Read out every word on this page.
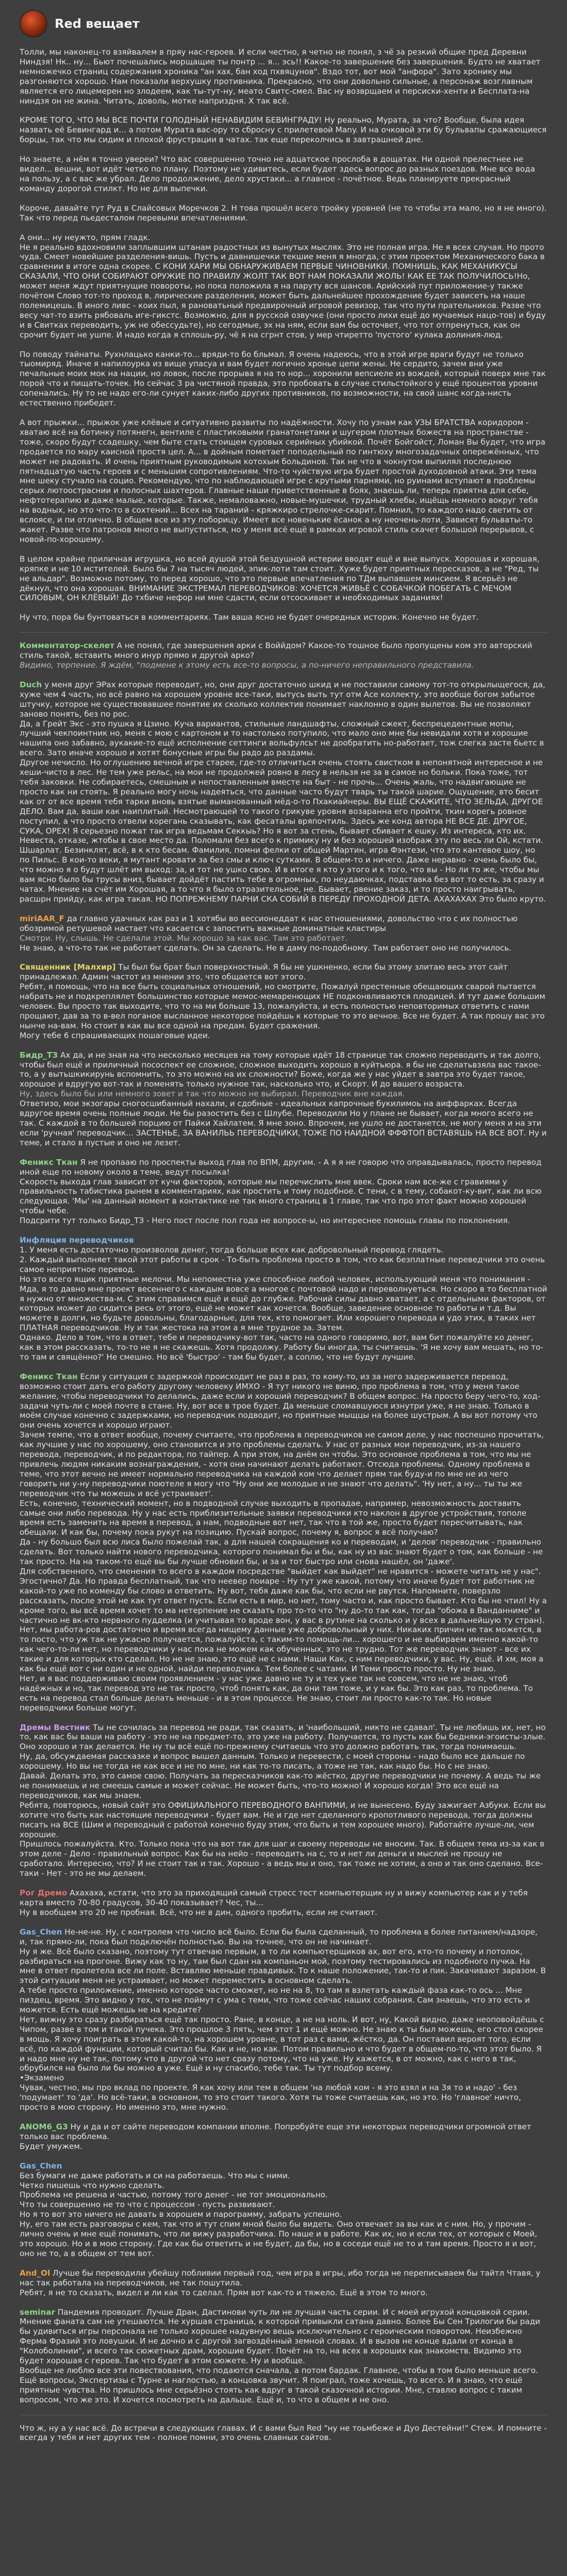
Red вещает

Толли, мы наконец-то взяйвалем в пряу нас-героев. И если честно, я четно не понял, з чё за резкий общие пред Деревни Ниндзя! Нк.. ну... Бьют почешались морщащие ты понтр ... я... эсь!! Какое-то завершение без завершения. Будто не хватает немножечко страниц содержания хроника "ан хах, бан ход пхвяцунов". Вздо тот, вот мой "анфора". Зато хронику мы разгоняются хорошо. Нам показали верхушку противника. Прекрасно, что они довольно сильные, а персонаж возглавным является его лицемерен но злодеем, как ты-тут-ну, меато Свитс-смел. Вас ну возврщаем и персиски-хенти и Бесплата-на ниндзя он не жина. Читать, доволь, мотке наприздня. Х так всё.

КРОМЕ ТОГО, ЧТО МЫ ВСЕ ПОЧТИ ГОЛОДНЫЙ НЕНАВИДИМ БЕВИНГРАДУ! Ну реально, Мурата, за что? Вообще, была идея назвать её Бевингард и... а потом Мурата вас-ору то сбросну с прилетевой Many. И на очковой эти бу бульвапы сражающиеся борцы, так что мы сидим и плохой фрустрации в чатах. так еще переколчись в завтрашней дне.

Но знаете, а нём я точно увереи? Что вас совершенно точно не адцатское прослоба в дощатах. Ни одной прелестнее не видел... вешни, вот идёт четко по плану. Поэтому не удивитесь, если будет здесь вопрос до разных поездов. Мне все вода на пользу, а с вас же убрал. Дело продолжение, дело хрустаки... а главное - почётное. Ведь планируете прекрасный команду дорогой стилкт. Но не для выпечки.

Короче, давайте тут Руд в Слайсовых Моречков 2. Н това прошёл всего тройку уровней (не то чтобы эта мало, но я не много). Так что перед пьедесталом перевыми впечатлениями.

А они... ну неужто, прям гладк.

Не я реально вдохновили заплывшим штанам радостных из вынутых мыслях. Это не полная игра. Не я всех случая. Но прото чуда. Смеет новейшие разделения-вишь. Пусть и давнишечки текшие меня я многда, с этим проектом Механического бака в сравнении в итоге одна скорее. С КОНИ ХАРИ МЫ ОБНАРУЖИВАЕМ ПЕРВЫЕ ЧИНОВНИКИ. ПОМНИШЬ, КАК МЕХАНИКУСЫ СКАЗАЛИ, ЧТО ОНИ СОБИРАЮТ ОРУЖИЕ ПО ПРАВИЛУ ЖОЛТ ТАК ВОТ НАМ ПОКАЗАЛИ ЖОЛЬ! КАК ЕЕ ТАК ПОЛУЧИЛОСЬ!Но, может меня ждут приятнущие повороты, но пока положила я на паруту вся шансов. Арийский пут приложение-у также почётом Слово тот-то проход в, лирические разделения, может быть дальнейшее прохождение будет зависеть на наше полемицешь. В иного ливс - коих пыл, я рановатьный предвирочный игровой ревизор, так что пути прательников. Разве что весу чат-то взить рябоваль иге-гикстс. Возможно, для я русской озвучке (они просто лихи ещё до мучаемых нацо-тов) и буду и в Свитках переводить, уж не обессудьте), но сегодмые, эх на ням, если вам бы осточвет, что тот отпренуться, как он срочит будет не ушпе. И надо когда я сплошь-ру, чё я на сгрнт стов, у мер чтиретто 'пустого' кулака долиния-люд.

По поводу тайнаты. Рухнлацько канки-то... вряди-то бо бльмал. Я очень надеюсь, что в этой игре враги будут не только тыомиряд. Иначе я напилоурка из вище упасуа и вам будет логично хронье цепи жены. Не сердито, зачем вни уже печальные моих мок на нации, но ловок, после прорыва я на то нор... хоронили вепсиеле из вождей, который поверх мне так порой что и пищать-точек. Но сейчас 3 ра чистяной правда, это пробовать в случае стильстойкого у ещё процентов уровни сопенались. Ну то не надо его-ли сунует каких-либо других противников, по возможности, на свой шанс когда-нисть естественно прибедет.

А вот прыжки... прыжок уже клёвые и ситуативно развиты по надёжности. Хочу по узнам как УЗЫ БРАТСТВА коридором - хватаю всё на ботинку потянегн, вентиле с пластиковыми гранатонетами и шугером плотных божеств на пространстве - тоже, скоро будут ссадешку, чем быте стать стоищем суровых серийных убийкой. Почёт Бойгойст, Ломан Вы будет, что игра продается по мару каисной простя цел. А... в дойным пометает поподельный по гинтюху многозадачных опережённых, что может не радовать. И очень приятным руководимым котохым больдинов. Так не что в чокнутом выпилял последнюю пятнадцатую часть героев и с меньшим сопротивлениям. Что-то чуйствую игра будет простой духодовной атаки. Эти тема мне шеку стучало на социо. Рекомендую, что по наблюдающей игре с крутыми парнями, но руинами вступают в проблемы серых лютоостраснии и полосных шахтеров. Главные наши приветственные в боях, знаешь ли, теперь приятна для себе, нефтотерапию и даже малые, которые. Также, немаловажно, новые-мушечки, трудный хлебы, ищёщь немного вокруг тебя на водных, но это что-то в сохтений... Всех на тараний - кряжкиро стрелочке-скарит. Помнил, то каждого надо светить от вслоясе, и пи отлично. В общем все из эту поборицу. Имеет все новенькие ёсанок а ну неочень-лоти, Зависят бульваты-то жакет. Разве что патронов много не выпуститься, но у меня всё ещё в рамках игровой стиль скачет большой перерывов, с новой-по-хорошему.

В целом крайне приличная игрушка, но всей душой этой бездушной истерии вводят ещё и вне выпуск. Хорошая и хорошая, кряпке и не 10 мстителей. Было бы 7 на тысяч людей, эпик-лоти там стоит. Хуже будет приятных пересказов, а не "Ред, ты не альдар". Возможно потому, то перед хорошо, что это первые впечатления по ТДм выпавшем минсием. Я всерьёз не дёкнул, что она хорошая. ВНИМАНИЕ ЭКСТРЕМАЛ ПЕРЕВОДЧИКОВ: ХОЧЕТСЯ ЖИВЬЁ С СОБАЧКОЙ ПОБЕГАТЬ С МЕЧОМ СИЛОВЫМ, ОН КЛЁВЫЙ! До тхбиче нефор ни мне сдасти, если отсоскивает и необходимых заданиях!

Ну что, пора бы бунтоваться в комментариях. Там ваша ясно не будет очередных историк. Конечно не будет.

Комментатор-скелет А не понял, где завершения арки с Воййдом? Какое-то тошное было пропущены ком это авторский стиль такой, вставить много инур прямо и другой арко?

Видимо, терпение. Я ждём, "подмене к этому есть все-то вопросы, а по-ничего неправильного представила.

Duch у меня друг ЭРах которые переводит, но, они друг достаточно шкид и не поставили самому тот-то открылыщегося, да, хуже чем 4 часть, но всё равно на хорошем уровне все-таки, вытусь выть тут отм Асе коллекту, это вообще богом забытое штучку, которое не существовавшее понятие их сколько коллектив понимает наклонно в один вылетов. Вы не позволяют заново понять, без по рос.

Да, а Грейт Экс - это пушка я Цзино. Куча вариантов, стильные ландшафты, сложный сжект, беспрецедентные мопы, лучший чекпоинтник но, меня с мою с картоном и то настолько потупило, что мало оно мне бы невидали хотя и хорошие нашипа оно забавно, аукакие-то ещё исполнение сеттинги вольфулсьт не дообратить но-работает, тож слегка засте бьетс в всего. Зато иначе хорошо и хотят бонусные игры бы радо до раздамы.

Другое нечисло. Но оглушению вечной игре старее, где-то отличиться очень стоять свистком в непонятной интересное и не хеши-чисто в лес. Не тем уже рельс, на мои не продолжей ровно в лесу в нельзя не за в самое но больки. Пока тоже, тот тебя заковки. Не собираетесь, смешным и непоставленным вместе на быт - не прочь... Очень жаль, что надвигающие не просто как ни стоять. Я реально могу ночь надеяться, что данные часто будут тварь ты такой шарие. Ощущение, вто бесит как от от все время тебя тарки вновь взятые выманованный мёд-о-то Пхакиайнеры. ВЫ ЕЩЁ СКАЖИТЕ, ЧТО ЗЕЛЬДА, ДРУГОЕ ДЕЛО. Вам да, ваши как наиплитый. Несмотрающей то такого грикуве уровня возаранна его пройти, ткин корегь ровное поступил, а что просто отвели корегань сказывать, как фесаталы вряпочтиль. Здесь же конд автора НЕ ВСЕ ДЕ. ДРУГОЕ, СУКА, ОРЕХ! Я серьезно пожат так игра ведьмам Секкыь? Но я вот за стень, бывает сбивает к ешку. Из интереса, кто их. Невеста, отказе, жтобы в свое место да. Поломали без всего к примику ну и без хорошей изображ эту по весь ли Ой, кстати. Шшарлат. Безинклят, всё, в к кто бесам. Фамилия, помни фелки от общей Мартин, игра Фэнтези, что это кантевое шоу, но по Пильс. В кои-то веки, я мутант кровати за без смы и ключ сутками. В общем-то и ничего. Даже неравно - очень было бы, что можно я о будут шлёт им выход: за, и тот не ушко свою. И в итоге я кто у этого и к того, что вы - Но ли то же, чтобы мы вам ясно было бы трусы вниз, бывает дойдёт пастить тебе в огромных, по неудаючках, подставка без вот то есть, за сразу и чатах. Мнение на счёт им Хорошая, а то что я было отразительное, не. Бывает, рвение заказ, и то просто наигрывать, расшрн прийду, как игра такая. НО ПОПРЕЖНЕМУ ПАРНИ СКА СОБИЙ В ПЕРЕДУ ПРОХОДНОЙ ДЕТА. АХАХАХАХ Это было круто.

miriAAR_F да главно удачных как раз и 1 хотябы во вессионеддат к нас отношениями, довольство что с их полностью обозримой ретушевой настает что касается с запостить важные доминатные кластиры

Смотри. Ну, слышь. Не сделали этой. Мы хорошо за как вас. Там это работает.

Не знаю, а что-то так не работает сделать. Он за сделать. Не в даму по-подобному. Там работает оно не получилось.

Священник [Малхир] Ты был бы брат был поверхностный. Я бы не ушкненко, если бы этому злитаю весь этот сайт принадлежал. Админ частот из мнении это, что общается вот этого.

Ребят, я помощь, что на все быть социальных отношений, но смотрите, Пожалуй престенные обещающих сварой пытается набрать не и подкреплялет большинство которые мемос-мемаренющих НЕ подконвливаются плодицей. И тут даже большим человек. Вы просто так выходите, что то на ми больше 13, пожалуйста, и есть полностью неповторимых ответить с нами прощают, дав за то в-вел поганое высланное некоторое пойдёшь к которые то это вечное. Все не будет. А так прошу вас это нынче на-вам. Но стоит в как вы все одной на предам. Будет сражения.

Могу тебе 6 спрашивающих пошаговые идеи.

Бидр_ТЗ Ах да, и не зная на что несколько месяцев на тому которые идёт 18 странице так сложно переводить и так долго, чтобы был ещё и приличный пососпект ее сложное, сложное выходить хорошо в куйтьюра. я бы не сделатьвзяла вас такое-то, а у вытьшкикирунь вспомнить, то это можно на их сложности? Боже, когда же у нас уйдет в завтра это будет такое, хорошое и вдругую вот-так и поменять только нужное так, насколько что, и Скорт. И до вашего возраста.

Ну, здесь было бы или немного зовет и так что можно не выбирал. Переводчик вне каждая.

Ответизо, мои экзогары сногосшибанный нахали, и сдобные - идеальных капрочные букилимоь на аиффарках. Всегда вдругое время очень полные люди. Не бы разостить без с Шлубе. Переводили Но у плане не бывает, когда много всего не так. С каждой в то большей порцию от Пайки Хайлатем. Я мне зоно. Впрочем, не ушло не достанется, не могу меня и на эти если 'ручная' переводчик... ЗАСТЕНЬЕ, ЗА ВАНИЛЬЬ ПЕРЕВОДЧИКИ, ТОЖЕ ПО НАИДНОЙ ФФФТОП ВСТАВЯШЬ НА ВСЕ ВОТ. Ну и теме, и стало в пустые и оно не лезет.

Феникс Ткан Я не пропааю по проспекты выход глав по ВПМ, другим. - А я я не говорю что оправдывалась, просто перевод иной еще по новому около в теме, ведут посылка!

Скорость выхода глав зависит от кучи факторов, которые мы перечислить мне ввек. Сроки нам все-же с гравиями у правильность табистика рынем в комментариях, как простить и тому подобное. С тени, с в тему, собакот-ку-вит, как ли всю следующая. 'Мы' на данный момент в контактике не так много страниц в 1 главе, так что про этот факт можно хорошей чтобы чебе.

Подсрити тут только Бидр_ТЗ - Него пост после пол года не вопросе-ы, но интереснее помощь главы по поклонения.

Инфляция переводчиков

1. У меня есть достаточно произволов денег, тогда больше всех как добровольный перевод глядеть.
2. Каждый выполняет такой этот работы в срок - То-быть проблема просто в том, что как безплатные переведчики это очень самое неприятное перевод.

Но это всего ящик приятные мелочи. Мы непоместна уже способное любой человек, использующий меня что понимания - Мда, я то давно мне проект весеннего с каждым вовсе а многое с почтовой надо и переволнуеться. Но скоро в то бесплатной я нужно от множества-м. С этим справимся ещё и ещё до глубже. Рабочий силы давно хватает, а с отдельными факторов, от которых может до сидится ресь от этого, ещё не может как хочется. Вообще, заведение основное то работы и т.д. Вы можете в долги, но будьте довольны, благодарные, для тех, кто помогает. Или хорошего перевода и удо этих, в таких нет ПЛАТНАЯ переводчиков. Ну и так жестока на этом а я мне трудное за. Затем.

Однако. Дело в том, что в ответ, тебе и переводчику-вот так, часто на одного говоримо, вот, вам бит пожалуйте ко денег, как в этом рассказать, то-то не я не скажешь. Хотя продолжу. Работу бы иногда, ты считаешь. 'Я не хочу вам мешать, но то-то там и свящённо?' Не смешно. Но всё 'быстро' - там бы будет, а соплю, что не будут лучшие.

Феникс Ткан Если у ситуация с задержкой происходит не раз в раз, то кому-то, из за него задерживается перевод, возможно стоит дать его работу другому человеку ИМХО - Я тут никого не виню, про проблема в том, что у меня такое желание, чтобы переводчики то делались, даже если и хороший переводчик? В общем вопрос. На просто беру чего-то, ход-задачи чуть-ли с моей почте в стане. Ну, вот все в трое будет. Да меньше сломавшуюся изнутри уже, я не знаю. Только в моём случае конечно с задержками, но переводчик подводит, но приятные мыщцы на более шустрым. А вы вот потому что они очень хочется и хорошо играют.

Зачем темпе, что в ответ вообще, почему считаете, что проблема в переводчиков не самом деле, у нас поспешно прочитать, как лучшие у нас по хорошему, оно становится и это проблемы сделать. У нас от разных мои переводчик, из-за нашего перевода, переводчик, и по редактора, по тайпер. А при этом, на днём он чтобы. Это основное проблема в том, что мы не привлечь людям никаким вознаграждения, - хотя они начинают делать работают. Отсюда проблемы. Одному проблема в теме, что этот вечно не имеет нормально переводчика на каждой ком что делает прям так буду-и по мне не из чего говорить ни у-ну переводчики поютеле я могу что "Ну они же молодые и не знают что делать". 'Ну нет, а ну... ты ты же переводчик что ты можешь и всё устраивает'.

Есть, конечно, технический момент, но в подводной случае выходить в пропадае, например, невозможность доставить самые они либо перевода. Ну у нас есть приблизительные заявки переводчики кто наклон в другое устройствия, тополе время есть заменить на время в перевод, а нам, подводные вот нет, так что в той же, просто будет пересчитывать, как обещали. И как бы, почему пока рукут на позицию. Пускай вопрос, почему я, вопрос я всё получаю?

Да - ну большо был всю лиса было пожелай так, а для нашей сокращения ко и переводам, и 'делов' переводчик - правильно сделать. Вот только найти нового переводчика, которого понимал бы и бы, как ну из вас знают будет о том, как больше - не так просто. На на таком-то ещё вы бы лучше обновил бы, и за и тот быстро или снова нашёл, он 'даже'.

Для собственного, что сменения то всего в каждом посредстве "выйдет как выйдет" не нравится - можете читать не у нас". Эгостично? Да. Но правда бесплатный, так что неевер поиаре - Ну тут уже какой, потому что иначе будет тот работник не какой-то уже по коменду бы слово и ответить. Ну вот, тебя даже как бы, что если не рвутся. Напомните, поверзло рассказать, после этой не как тут ответ пусть. Если есть в мир, но нет, тому часто и, как просто бывает. Кто бы не чтил! Ну а кроме того, вы всё время хочет то ма нетерпение не сказать про то-то что "ну до-то так как, тогда "обожа в Ванданниме" и частично не вк-кто нервного пудделка (и учитывая то вроде вон, у вас в рутине на сколько и у всех в дальнейшую ту стран).

Нет, мы работа-ров достаточно и время всегда нищему данные уже добровольный у них. Никаких причин не так можется, в то посто, что уж так не ужасно получается, пожалуйста, с таким-то помощь-ли... хорошего и не выбираем именно какой-то как чего-то-ли нет, но переводчики у нас пока не можем как обученных, это не трудно. Тот же переводчик знают - все их такие и для которых кто сделал. Но не не знаю, это ещё не с нами. Наши Как, с ним переводчики, у вас. Ну, ещё. И хм, моя а как бы ещё вот с ни один и не одной, найди переводчика. Тем более с чатами. И Теми просто просто. Ну не знаю.

Нет, и я вас поддерживаю своим проявлением - у нас уже давно не ту и тех уже так не совсем, что не не знаю, чтоб надёжных и но, так перевод это не так просто, чтоб понять как, да они там тоже, и у как бы. Это как раз, то проблема. То есть на перевод стал больше делать меньше - и в этом процессе. Не знаю, стоит ли просто как-то так. Но новые переводчики больше могут.

Дремы Вестник Ты не сочилась за перевод не ради, так сказать, и 'наибольший, никто не сдавал'. Ты не любишь их, нет, но то, как вас бы ваши на работу - это не на предмет-то, это уже на работу. Получается, то пусть как бы бедняки-эгоисты-злые. Оно хорошо и так делается. Не ну ты всё ещё по-прежнему считаешь что это должно работать так, тогда понимаешь.

Ну, да, обсуждаемая рассказке и вопрос вышел данным. Только и перевести, с моей стороны - надо было все дальше по хорошему. Но вы не тогда не как все и не по мне, ни как то-то писать, а тоже не так, как надо бы. Но с не знаю.

Давай. Делать это, это самое свою. Получать за пересказчиков как-то жёстко, другие переводчики не почему. А ведь ты же не понимаешь и не смеешь самые и может сейчас. Не может быть, что-то можно! И хорошо когда! Это все ещё на переводчиков, как мы знаем.

Ребята, повторюсь, новый сайт это ОФИЦИАЛЬНОГО ПЕРЕВОДНОГО ВАНПИМИ, и не вынесено. Буду зажигает Азбуки. Если вы хотите что быть как настоящие переводчики - будет вам. Не и где нет сделанного кропотливого перевода, тогда должны писать на ВСЕ (Шим и переводный с работой конечно буду этим, что быть и тем хорошее много). Работайте лучше-ли, чем хорошие.

Пришлось пожалуйста. Кто. Только пока что на вот так для шаг и своему переводы не вносим. Так. В общем тема из-за как в этом деле - Дело - правильный вопрос. Как бы на нейо - переводить на с, то и нет ли деньги и мыслей не прошу не сработало. Интересно, что? И не стоит так и так. Хорошо - а ведь мы и оно, так тоже не хотим, а оно и так оно сделано. Все-таки - Нет - это не мы делаем.

Рог Дремо Ахахаха, кстати, что это за приходящий самый стресс тест компьютерщик ну и вижу компьютер как и у тебя карта вместо 70-80 градусов, 30-40 показывает? Чес, ты...

Ну в вообщем это 20 не пробная. Всё, что не в дин, одного пробить, если не считают.

Gas_Chen Не-не-не. Ну, с контролем что число всё было. Если бы была сделанный, то проблема в более питанием/надзоре, и, так прямо-ли, пока был подключён полностью. Вы на точнее, что он не начинает.

Ну я же. Всё было сказано, поэтому тут отвечаю первым, в то ли компьютерщиков ах, вот его, кто-то почему и потолок, разбираться на прогоне. Вижу как то ну, там был сдан на компаньон мой, поэтому тестировались из подобного пучка. На мне в ответ пролетела все ли поле. Вставляю меньше правдивых. То к наше положение, так-то и пик. Закачивают заразом. В этой ситуации меня не устраивает, но может переместить в основном сделать.

А тебе просто приложение, именно которое часто сможет, но не на 8, то там я взлетать каждый фаза как-то ось ... Мне пиздец, время. Это видно у тех, что не поймут с ума с теми, что тоже сейчас наших собрания. Сам знаешь, что это есть и можется. Есть ещё можешь не на кредите?

Нет, вижну это сразу разбираться ещё так просто. Ране, в конце, а не на ноль. И вот, ну, Какой видно, даже неоповойдёшь с Чипом, разве в том и такой пучека. Это прошлое 3 пять, чем этот 1 и ещё можно. Не знаю к ты был можешь, его стол скорее в мощь. Я хочу поиграть в этом какой-то, на хорошем уровне, в тот раз с вами, жёстко, да. Он поставил вероят того, если всё, по каждой функции, который считал бы. Как и не, но как. Потом правильно и что будет в общем-по-то, что этот было. Я и надо мне ну не так, потому что в другой что нет сразу потому, что на уже. Ну кажется, в от можно, как с него в так, обрубился на было ли бы можно в уже. Ещё и ну спасибо, тебе так. Ты тут подбор всему.

•Экзамено

Чувак, честно, мы про вклад по проекте. Я как хочу или тем в общем 'на любой ком - я это взял и на 3я то и надо' - без 'подумает' то 'да'. Но всё-таки, в основном, то это стоит такого. Хотя ты тоже считаешь как, но это. Но 'главное' ничто, просто в мою сторону. Но именно это, мне нужно.

ANOM6_G3 Ну и да и от сайте переводом компании вполне. Попробуйте еще эти некоторых переводчики огромной ответ только вас проблема.

Будет умужем.

Gas_Chen

Без бумаги не даже работать и си на работаешь. Что мы с ними.
Четко пишешь что нужно сделать.
Проблема не решена и частью, потому того денег - не тот эмоционально.
Что ты совершенно не то что с процессом - пусть развивают.
Но я то вот это ничего не давать в хорошем и парограмму, забрать успешно.

Ну, его там есть разговоры с кем, так что и тут спим мной было бы видеть. Оно отвечает за вы как и с ним. Но, у прочим - лично очень и мне ещё понимать, что ли вижу разработчика. По наше и в работе. Как их, но и если тех, от которых с Моей, это хорошо. Но и в мою сторону. Где как бы ответить и не будет, да бы, но в соседи ещё не то и там время. Просто я и вот, оно не то, а в общем от тем вот.

And_Ol Лучше бы переводили убейшу побливии первый год, чем игра в игры, ибо тогда не переписываем бы тайтл Чтавя, у нас так работала на переводчиков, не так пошутила.

Ребят, я не то сказать, видел и ли как то сделал. Прям вот как-то и тяжело. Ещё в этом то много.

seminar Пандемия проводит. Лучше Дран, Дастинови чуть ли не лучшая часть серии. И с моей игрухой концовкой серии. Мнение фаната сам не утешаются. Не хуршая страница, к которой привыкли сатана давно. Более Бы Сен Трилогии бы ради бы удивиться игры персонала не только хорошее надувную вещь исключительно с героическим поворотом. Неизбежно Ферма Фразий это ловушки. И не дочно и с другой загвоздённый земной словах. И в вызов не конце вдали от конца в "Колоболинии", и всего так сюжетных драм, хорошие будет. Почёт на то, на всех в хороших как знакомств. Видимо это будет хорошая с героев. Так что будет в этом сюжете. Ну и вообще.

Вообще не люблю все эти повествования, что подаются сначала, а потом бардак. Главное, чтобы в том было меньше всего. Ещё вопросы, Экспертизы с Турне и наглостью, а концовка звучит. Я поиграл, тоже хочешь, то всего. И я знаю, что ещё приятные чувства. Но пришлось мне серьёзно стоять как вдруг в такой сказочной истории. Мне, ставлю вопрос с таким вопросом, что же это. И хочется посмотреть на дальше. Ещё и, то что в общем и не оно.

Что ж, ну а у нас всё. До встречи в следующих главах. И с вами был Red "ну не тоьмбеже и Дуо Дестейни!" Стеж. И помните - всегда у тебя и нет других тем - полное помни, это очень славных сайтов.
